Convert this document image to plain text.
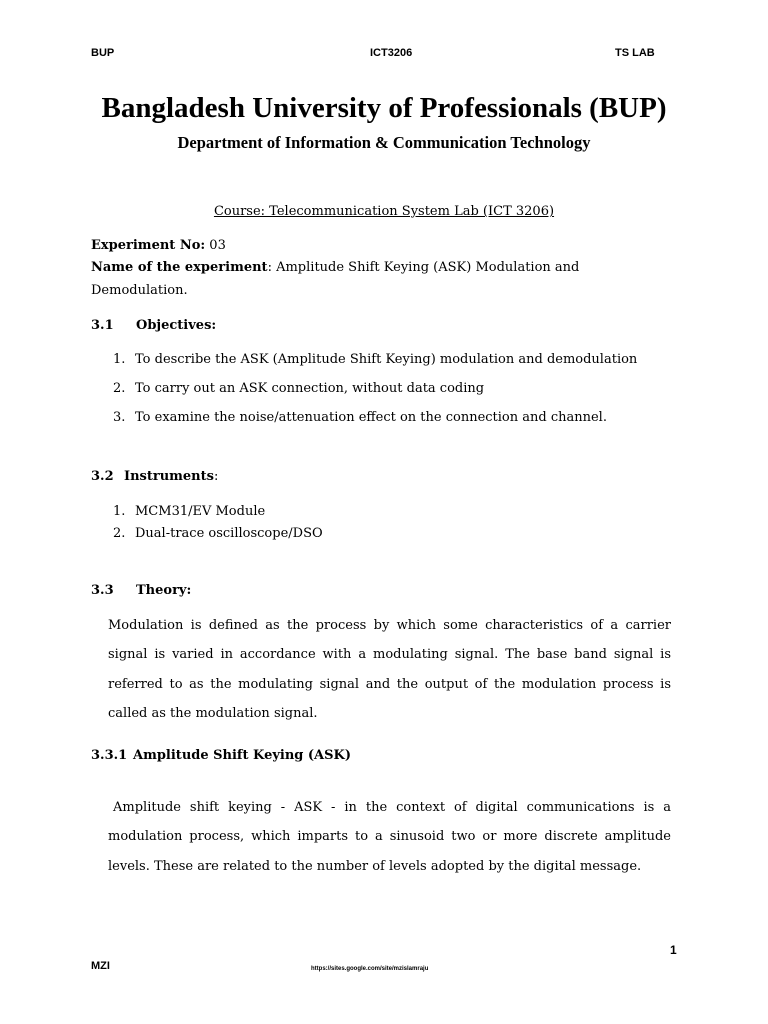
BUP	ICT3206	TS LAB
Bangladesh University of Professionals (BUP)
Department of Information & Communication Technology
Course: Telecommunication System Lab (ICT 3206)
Experiment No: 03
Name of the experiment: Amplitude Shift Keying (ASK) Modulation and
Demodulation.
3.1 Objectives:
1. To describe the ASK (Amplitude Shift Keying) modulation and demodulation
2. To carry out an ASK connection, without data coding
3. To examine the noise/attenuation effect on the connection and channel.
3.2 Instruments:
1. MCM31/EV Module
2. Dual-trace oscilloscope/DSO
3.3 Theory:
Modulation is defined as the process by which some characteristics of a carrier signal is varied in accordance with a modulating signal. The base band signal is referred to as the modulating signal and the output of the modulation process is called as the modulation signal.
3.3.1 Amplitude Shift Keying (ASK)
Amplitude shift keying - ASK - in the context of digital communications is a modulation process, which imparts to a sinusoid two or more discrete amplitude levels. These are related to the number of levels adopted by the digital message.
1
MZI	https://sites.google.com/site/mzislamraju
